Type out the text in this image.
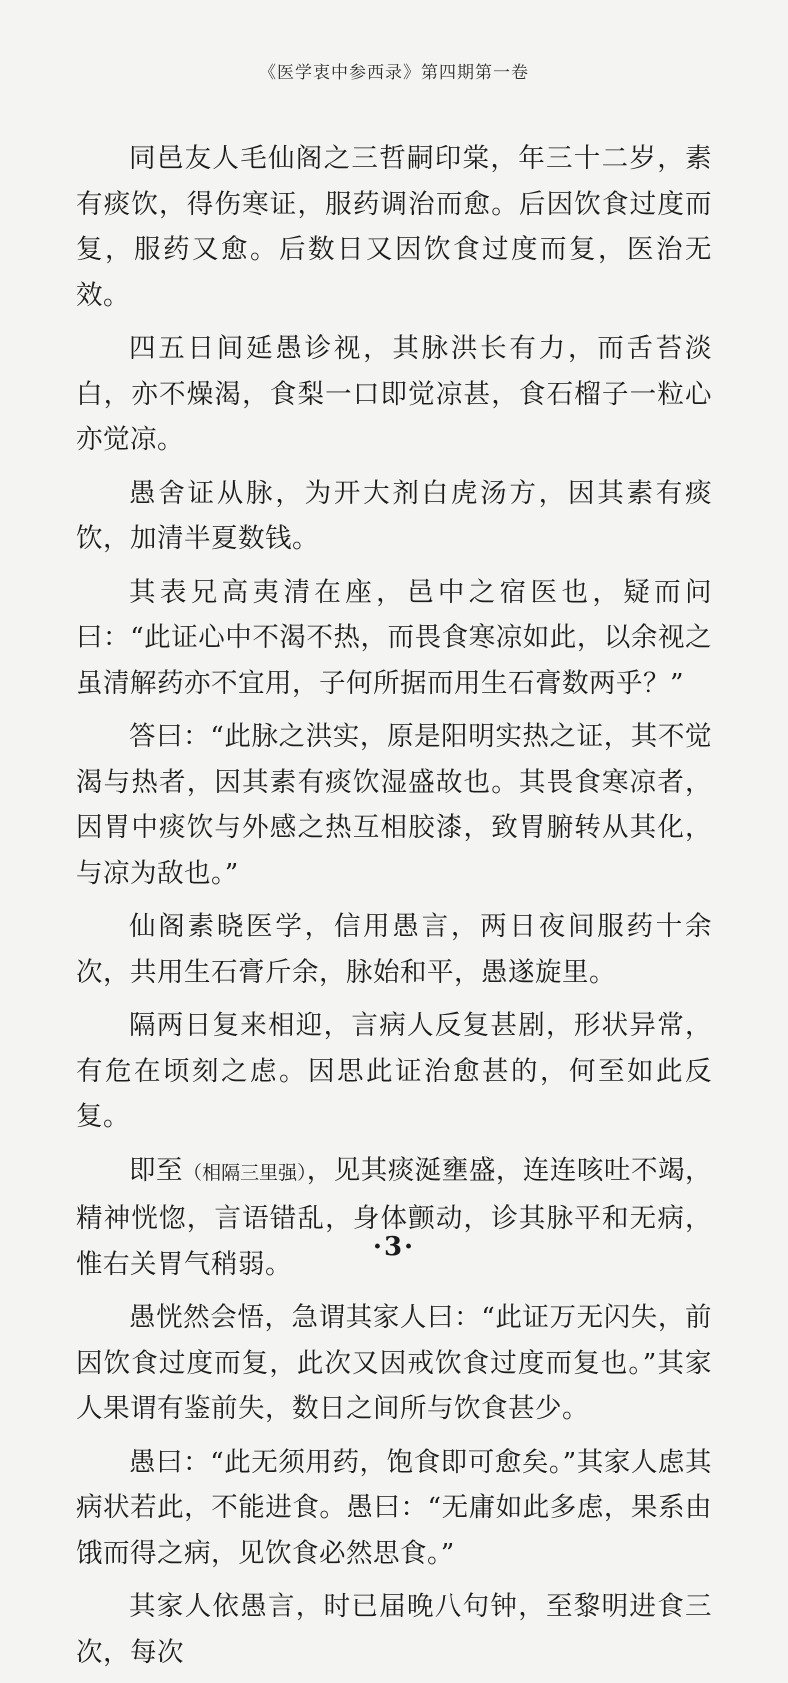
《医学衷中参西录》第四期第一卷

同邑友人毛仙阁之三哲嗣印棠，年三十二岁，素有痰饮，得伤寒证，服药调治而愈。后因饮食过度而复，服药又愈。后数日又因饮食过度而复，医治无效。

四五日间延愚诊视，其脉洪长有力，而舌苔淡白，亦不燥渴，食梨一口即觉凉甚，食石榴子一粒心亦觉凉。

愚舍证从脉，为开大剂白虎汤方，因其素有痰饮，加清半夏数钱。

其表兄高夷清在座，邑中之宿医也，疑而问曰：“此证心中不渴不热，而畏食寒凉如此，以余视之虽清解药亦不宜用，子何所据而用生石膏数两乎？”

答曰：“此脉之洪实，原是阳明实热之证，其不觉渴与热者，因其素有痰饮湿盛故也。其畏食寒凉者，因胃中痰饮与外感之热互相胶漆，致胃腑转从其化，与凉为敌也。”

仙阁素晓医学，信用愚言，两日夜间服药十余次，共用生石膏斤余，脉始和平，愚遂旋里。

隔两日复来相迎，言病人反复甚剧，形状异常，有危在顷刻之虑。因思此证治愈甚的，何至如此反复。

即至（相隔三里强），见其痰涎壅盛，连连咳吐不竭，精神恍惚，言语错乱，身体颤动，诊其脉平和无病，惟右关胃气稍弱。

愚恍然会悟，急谓其家人曰：“此证万无闪失，前因饮食过度而复，此次又因戒饮食过度而复也。”其家人果谓有鉴前失，数日之间所与饮食甚少。

愚曰：“此无须用药，饱食即可愈矣。”其家人虑其病状若此，不能进食。愚曰：“无庸如此多虑，果系由饿而得之病，见饮食必然思食。”

其家人依愚言，时已届晚八句钟，至黎明进食三次，每次

·3·
